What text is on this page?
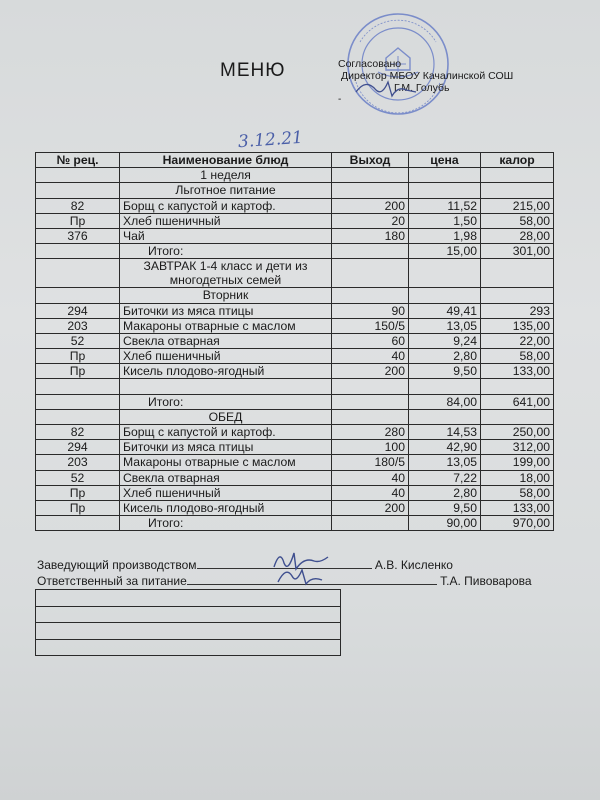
МЕНЮ	Согласовано
Директор МБОУ Качалинской СОШ
Г.М. Голубь
-
3.12.21
№ рец.	Наименование блюд	Выход	цена	калор
	1 неделя			
	Льготное питание			
82	Борщ с капустой и картоф.	200	11,52	215,00
Пр	Хлеб пшеничный	20	1,50	58,00
376	Чай	180	1,98	28,00
	Итого:		15,00	301,00
	ЗАВТРАК 1-4 класс и дети из многодетных семей			
	Вторник			
294	Биточки из мяса птицы	90	49,41	293
203	Макароны отварные с маслом	150/5	13,05	135,00
52	Свекла отварная	60	9,24	22,00
Пр	Хлеб пшеничный	40	2,80	58,00
Пр	Кисель плодово-ягодный	200	9,50	133,00

	Итого:		84,00	641,00
	ОБЕД			
82	Борщ с капустой и картоф.	280	14,53	250,00
294	Биточки из мяса птицы	100	42,90	312,00
203	Макароны отварные с маслом	180/5	13,05	199,00
52	Свекла отварная	40	7,22	18,00
Пр	Хлеб пшеничный	40	2,80	58,00
Пр	Кисель плодово-ягодный	200	9,50	133,00
	Итого:		90,00	970,00
Заведующий производством	А.В. Кисленко
Ответственный за питание	Т.А. Пивоварова
